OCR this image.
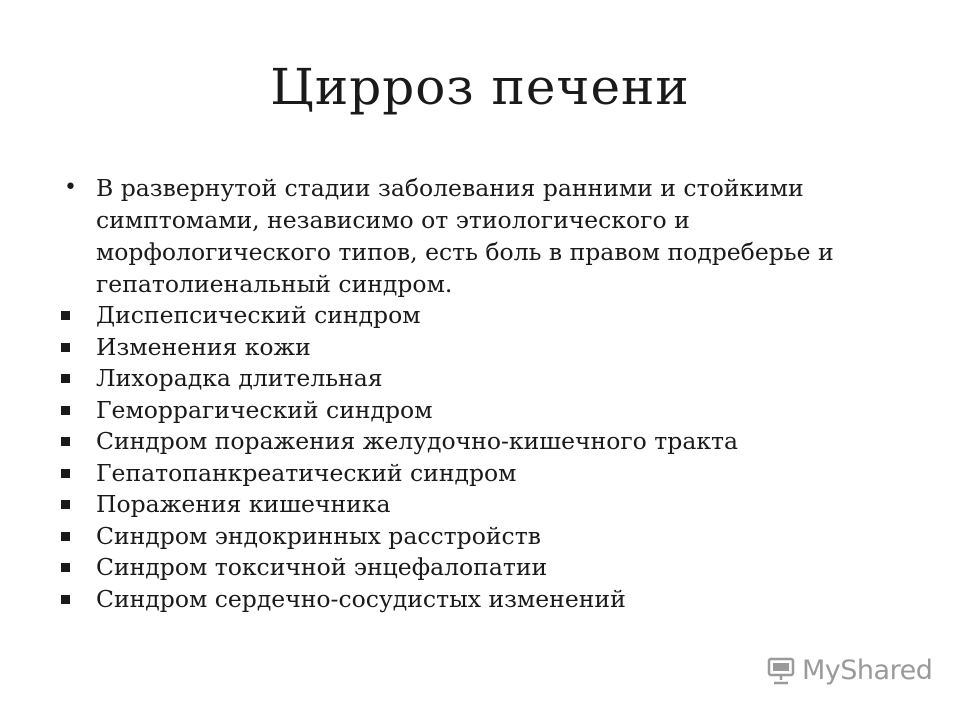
Цирроз печени
• В развернутой стадии заболевания ранними и стойкими симптомами, независимо от этиологического и морфологического типов, есть боль в правом подреберье и гепатолиенальный синдром.
Диспепсический синдром
Изменения кожи
Лихорадка длительная
Геморрагический синдром
Синдром поражения желудочно-кишечного тракта
Гепатопанкреатический синдром
Поражения кишечника
Синдром эндокринных расстройств
Синдром токсичной энцефалопатии
Синдром сердечно-сосудистых изменений
MyShared
